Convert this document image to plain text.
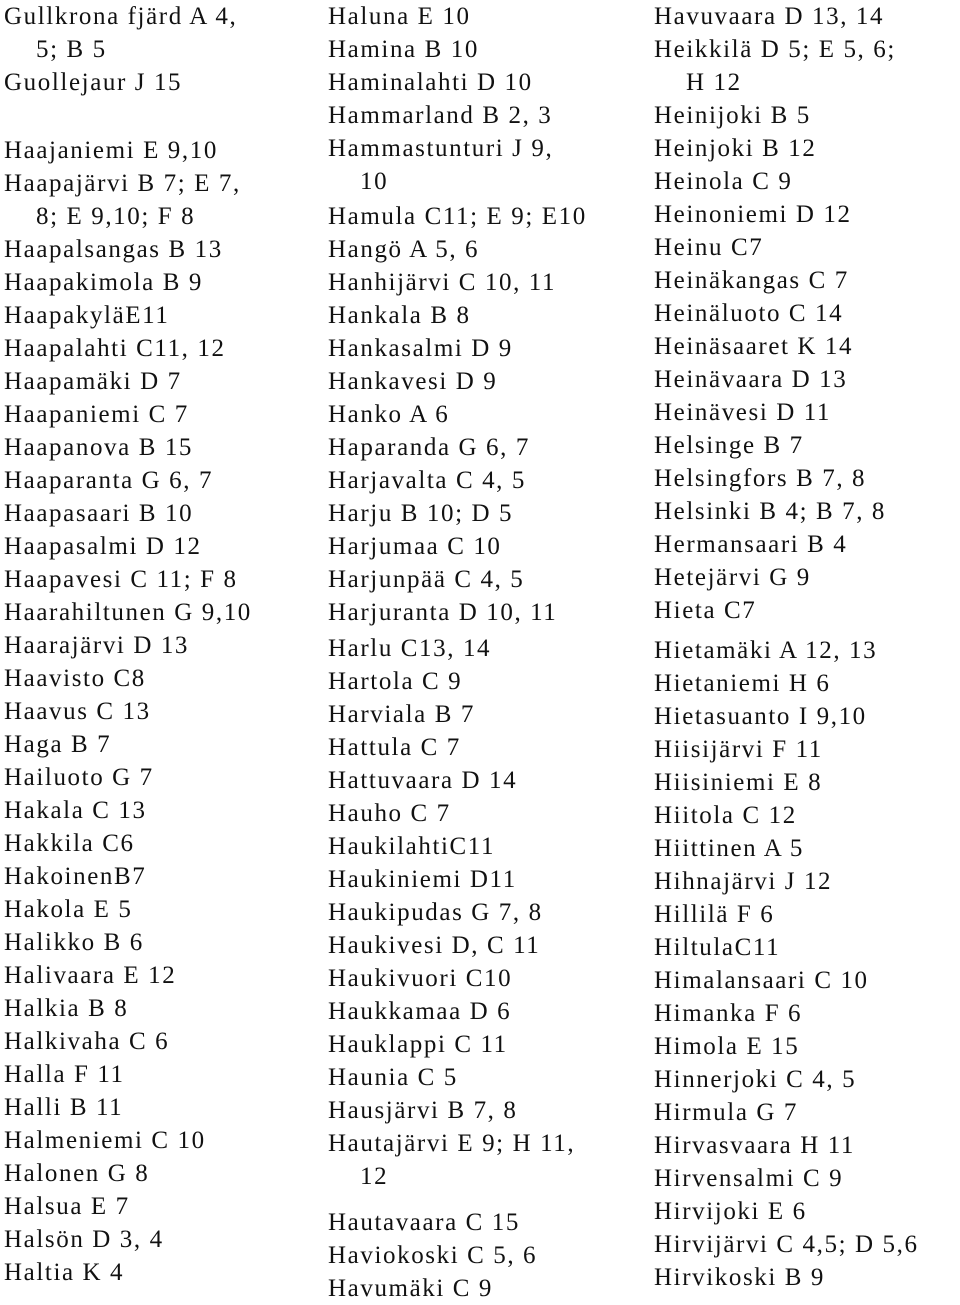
Gullkrona fjärd A 4,
5; B 5
Guollejaur J 15
Haajaniemi E 9,10
Haapajärvi B 7; E 7,
8; E 9,10; F 8
Haapalsangas B 13
Haapakimola B 9
HaapakyläE11
Haapalahti C11, 12
Haapamäki D 7
Haapaniemi C 7
Haapanova B 15
Haaparanta G 6, 7
Haapasaari B 10
Haapasalmi D 12
Haapavesi C 11; F 8
Haarahiltunen G 9,10
Haarajärvi D 13
Haavisto C8
Haavus C 13
Haga B 7
Hailuoto G 7
Hakala C 13
Hakkila C6
HakoinenB7
Hakola E 5
Halikko B 6
Halivaara E 12
Halkia B 8
Halkivaha C 6
Halla F 11
Halli B 11
Halmeniemi C 10
Halonen G 8
Halsua E 7
Halsön D 3, 4
Haltia K 4
Haluna E 10
Hamina B 10
Haminalahti D 10
Hammarland B 2, 3
Hammastunturi J 9,
10
Hamula C11; E 9; E10
Hangö A 5, 6
Hanhijärvi C 10, 11
Hankala B 8
Hankasalmi D 9
Hankavesi D 9
Hanko A 6
Haparanda G 6, 7
Harjavalta C 4, 5
Harju B 10; D 5
Harjumaa C 10
Harjunpää C 4, 5
Harjuranta D 10, 11
Harlu C13, 14
Hartola C 9
Harviala B 7
Hattula C 7
Hattuvaara D 14
Hauho C 7
HaukilahtiC11
Haukiniemi D11
Haukipudas G 7, 8
Haukivesi D, C 11
Haukivuori C10
Haukkamaa D 6
Hauklappi C 11
Haunia C 5
Hausjärvi B 7, 8
Hautajärvi E 9; H 11,
12
Hautavaara C 15
Haviokoski C 5, 6
Havumäki C 9
Havuvaara D 13, 14
Heikkilä D 5; E 5, 6;
H 12
Heinijoki B 5
Heinjoki B 12
Heinola C 9
Heinoniemi D 12
Heinu C7
Heinäkangas C 7
Heinäluoto C 14
Heinäsaaret K 14
Heinävaara D 13
Heinävesi D 11
Helsinge B 7
Helsingfors B 7, 8
Helsinki B 4; B 7, 8
Hermansaari B 4
Hetejärvi G 9
Hieta C7
Hietamäki A 12, 13
Hietaniemi H 6
Hietasuanto I 9,10
Hiisijärvi F 11
Hiisiniemi E 8
Hiitola C 12
Hiittinen A 5
Hihnajärvi J 12
Hillilä F 6
HiltulaC11
Himalansaari C 10
Himanka F 6
Himola E 15
Hinnerjoki C 4, 5
Hirmula G 7
Hirvasvaara H 11
Hirvensalmi C 9
Hirvijoki E 6
Hirvijärvi C 4,5; D 5,6
Hirvikoski B 9
